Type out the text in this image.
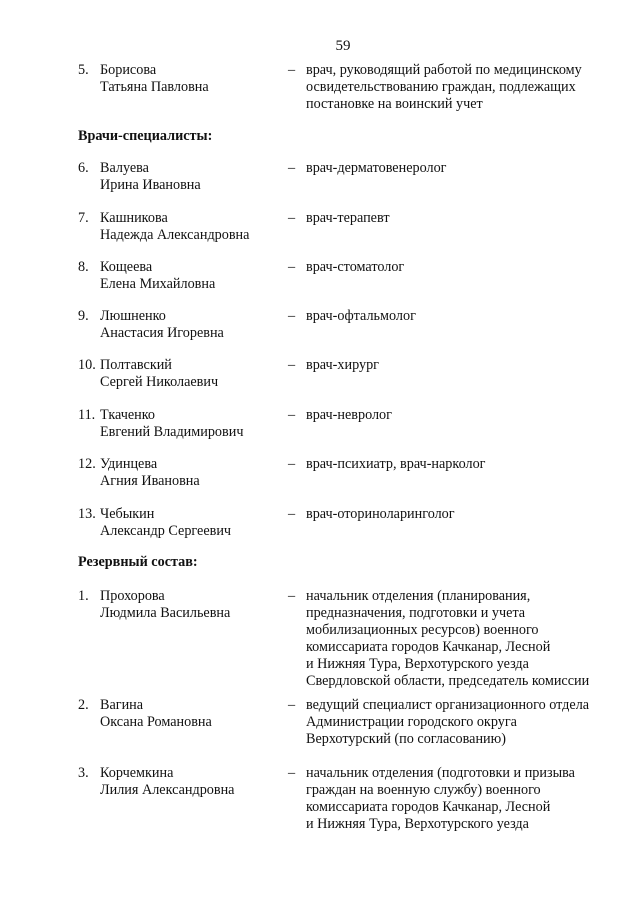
59
5. Борисова
Татьяна Павловна
– врач, руководящий работой по медицинскому
освидетельствованию граждан, подлежащих
постановке на воинский учет
Врачи-специалисты:
6. Валуева
Ирина Ивановна
– врач-дерматовенеролог
7. Кашникова
Надежда Александровна
– врач-терапевт
8. Кощеева
Елена Михайловна
– врач-стоматолог
9. Люшненко
Анастасия Игоревна
– врач-офтальмолог
10. Полтавский
Сергей Николаевич
– врач-хирург
11. Ткаченко
Евгений Владимирович
– врач-невролог
12. Удинцева
Агния Ивановна
– врач-психиатр, врач-нарколог
13. Чебыкин
Александр Сергеевич
– врач-оториноларинголог
Резервный состав:
1. Прохорова
Людмила Васильевна
– начальник отделения (планирования,
предназначения, подготовки и учета
мобилизационных ресурсов) военного
комиссариата городов Качканар, Лесной
и Нижняя Тура, Верхотурского уезда
Свердловской области, председатель комиссии
2. Вагина
Оксана Романовна
– ведущий специалист организационного отдела
Администрации городского округа
Верхотурский (по согласованию)
3. Корчемкина
Лилия Александровна
– начальник отделения (подготовки и призыва
граждан на военную службу) военного
комиссариата городов Качканар, Лесной
и Нижняя Тура, Верхотурского уезда
